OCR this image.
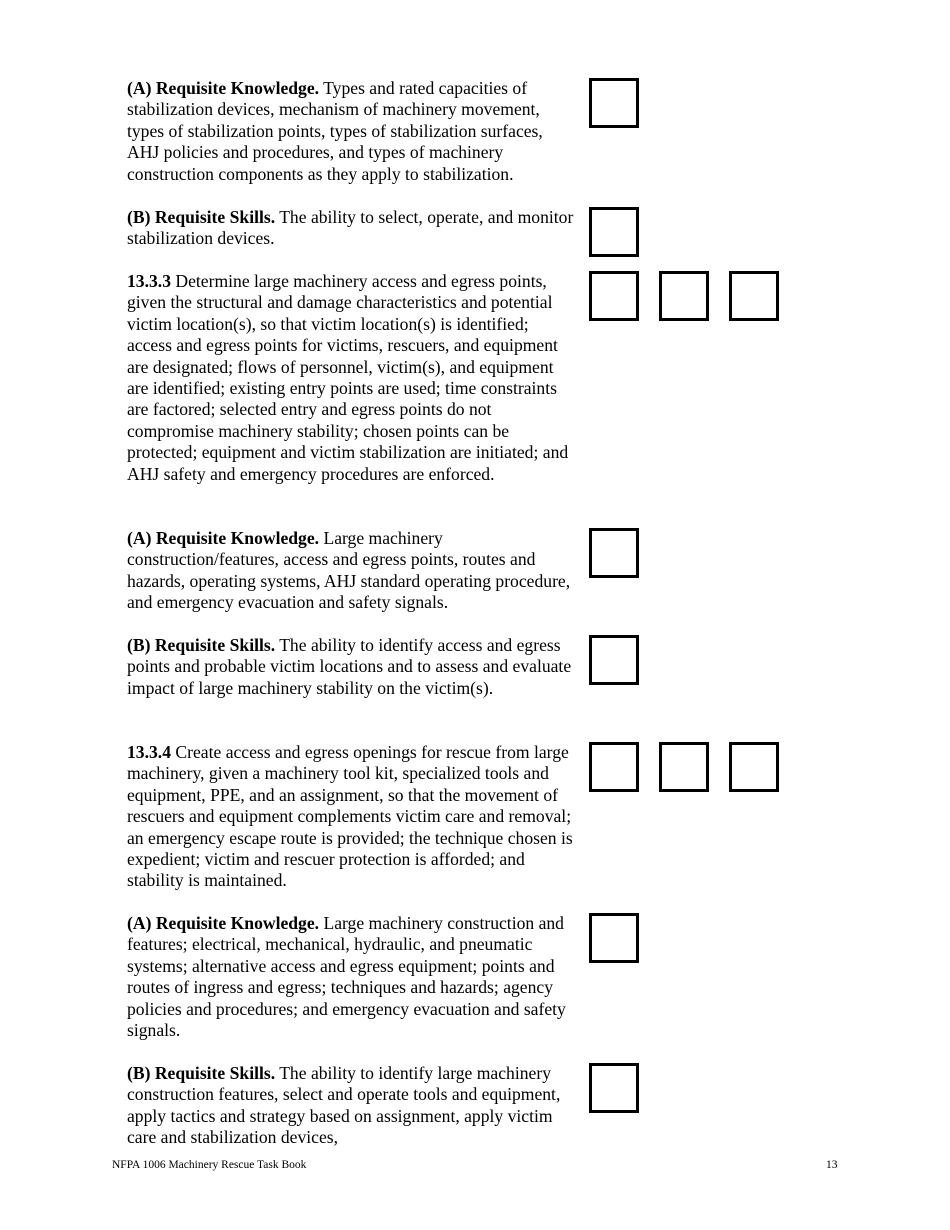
(A) Requisite Knowledge. Types and rated capacities of stabilization devices, mechanism of machinery movement, types of stabilization points, types of stabilization surfaces, AHJ policies and procedures, and types of machinery construction components as they apply to stabilization.

(B) Requisite Skills. The ability to select, operate, and monitor stabilization devices.

13.3.3 Determine large machinery access and egress points, given the structural and damage characteristics and potential victim location(s), so that victim location(s) is identified; access and egress points for victims, rescuers, and equipment are designated; flows of personnel, victim(s), and equipment are identified; existing entry points are used; time constraints are factored; selected entry and egress points do not compromise machinery stability; chosen points can be protected; equipment and victim stabilization are initiated; and AHJ safety and emergency procedures are enforced.

(A) Requisite Knowledge. Large machinery construction/features, access and egress points, routes and hazards, operating systems, AHJ standard operating procedure, and emergency evacuation and safety signals.

(B) Requisite Skills. The ability to identify access and egress points and probable victim locations and to assess and evaluate impact of large machinery stability on the victim(s).

13.3.4 Create access and egress openings for rescue from large machinery, given a machinery tool kit, specialized tools and equipment, PPE, and an assignment, so that the movement of rescuers and equipment complements victim care and removal; an emergency escape route is provided; the technique chosen is expedient; victim and rescuer protection is afforded; and stability is maintained.

(A) Requisite Knowledge. Large machinery construction and features; electrical, mechanical, hydraulic, and pneumatic systems; alternative access and egress equipment; points and routes of ingress and egress; techniques and hazards; agency policies and procedures; and emergency evacuation and safety signals.

(B) Requisite Skills. The ability to identify large machinery construction features, select and operate tools and equipment, apply tactics and strategy based on assignment, apply victim care and stabilization devices,

NFPA 1006 Machinery Rescue Task Book	13
